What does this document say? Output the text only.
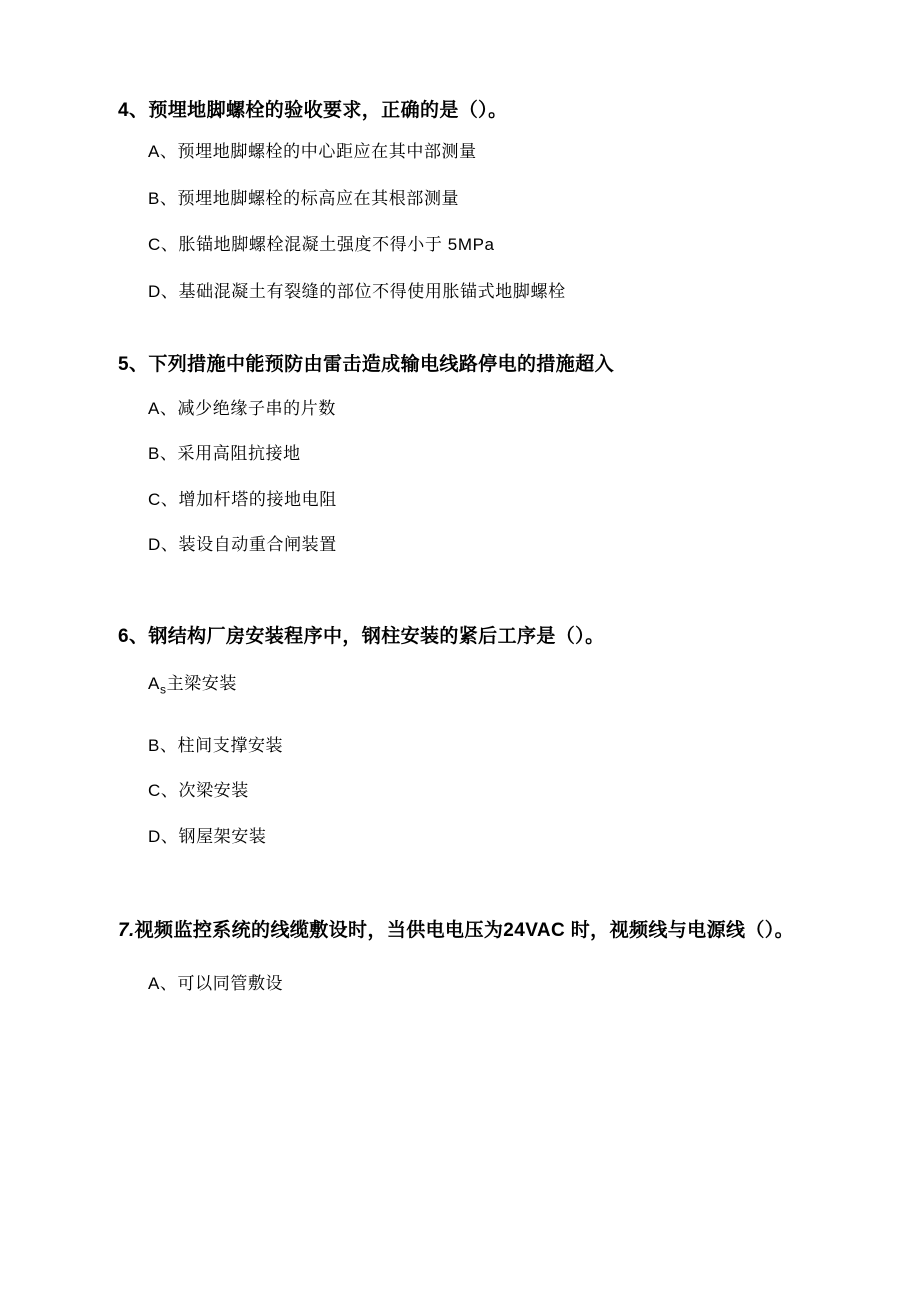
4、预埋地脚螺栓的验收要求，正确的是（）。
A、预埋地脚螺栓的中心距应在其中部测量
B、预埋地脚螺栓的标高应在其根部测量
C、胀锚地脚螺栓混凝土强度不得小于 5MPa
D、基础混凝土有裂缝的部位不得使用胀锚式地脚螺栓
5、下列措施中能预防由雷击造成输电线路停电的措施超入
A、减少绝缘子串的片数
B、采用高阻抗接地
C、增加杆塔的接地电阻
D、装设自动重合闸装置
6、钢结构厂房安装程序中，钢柱安装的紧后工序是（）。
$A_s$主梁安装
B、柱间支撑安装
C、次梁安装
D、钢屋架安装
7.视频监控系统的线缆敷设时，当供电电压为24VAC 时，视频线与电源线（）。
A、可以同管敷设
